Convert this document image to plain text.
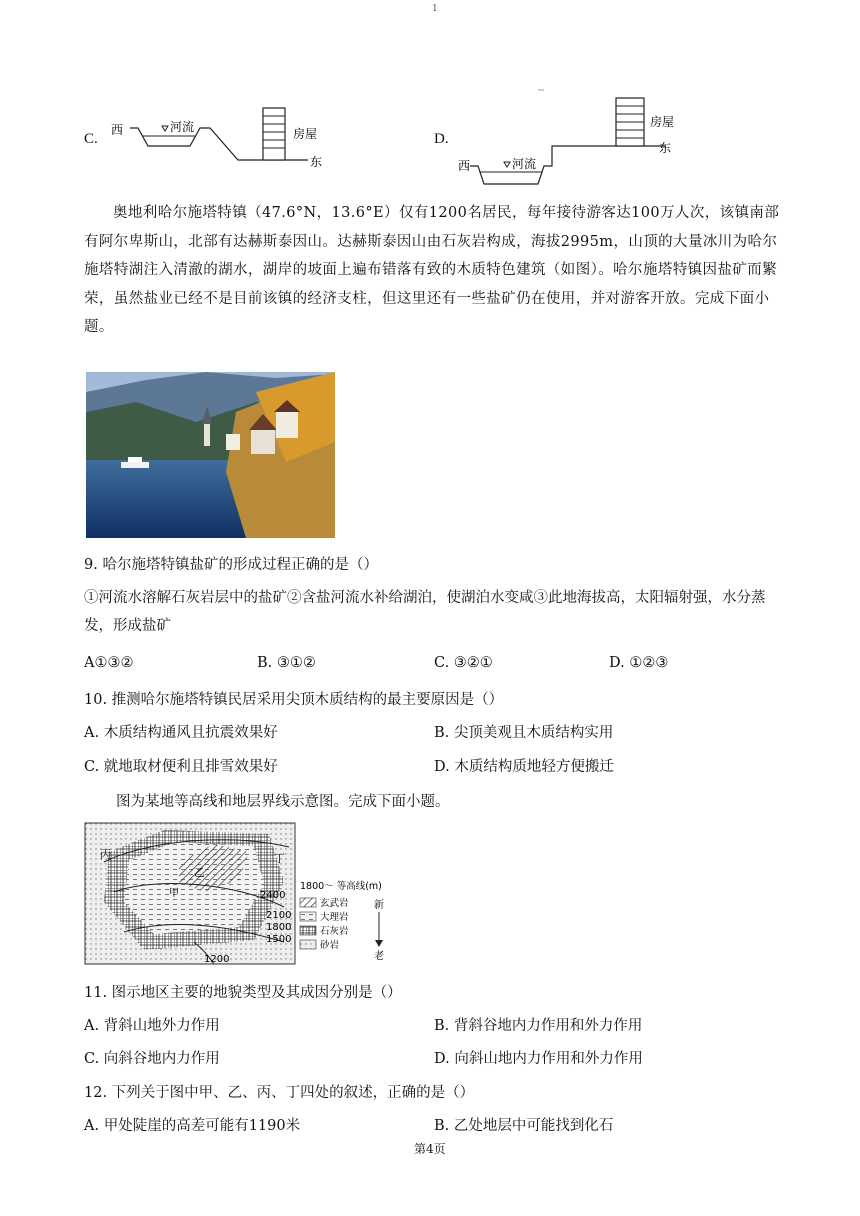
1
C.
西	河流	房屋
东
D.
西	河流
房屋
东
奥地利哈尔施塔特镇（47.6°N，13.6°E）仅有1200名居民，每年接待游客达100万人次，该镇南部有阿尔卑斯山，北部有达赫斯泰因山。达赫斯泰因山由石灰岩构成，海拔2995m，山顶的大量冰川为哈尔施塔特湖注入清澈的湖水，湖岸的坡面上遍布错落有致的木质特色建筑（如图）。哈尔施塔特镇因盐矿而繁荣，虽然盐业已经不是目前该镇的经济支柱，但这里还有一些盐矿仍在使用，并对游客开放。完成下面小题。
9. 哈尔施塔特镇盐矿的形成过程正确的是（）
①河流水溶解石灰岩层中的盐矿②含盐河流水补给湖泊，使湖泊水变咸③此地海拔高，太阳辐射强，水分蒸发，形成盐矿
A①③②	B. ③①②	C. ③②①	D. ①②③
10. 推测哈尔施塔特镇民居采用尖顶木质结构的最主要原因是（）
A. 木质结构通风且抗震效果好	B. 尖顶美观且木质结构实用
C. 就地取材便利且排雪效果好	D. 木质结构质地轻方便搬迁
图为某地等高线和地层界线示意图。完成下面小题。
丙	丁
乙
甲	2400
2100
1800
1500
1200
1800～ 等高线(m)
玄武岩
大理岩
石灰岩
砂岩
新
老
11. 图示地区主要的地貌类型及其成因分别是（）
A. 背斜山地外力作用	B. 背斜谷地内力作用和外力作用
C. 向斜谷地内力作用	D. 向斜山地内力作用和外力作用
12. 下列关于图中甲、乙、丙、丁四处的叙述，正确的是（）
A. 甲处陡崖的高差可能有1190米	B. 乙处地层中可能找到化石
第4页
